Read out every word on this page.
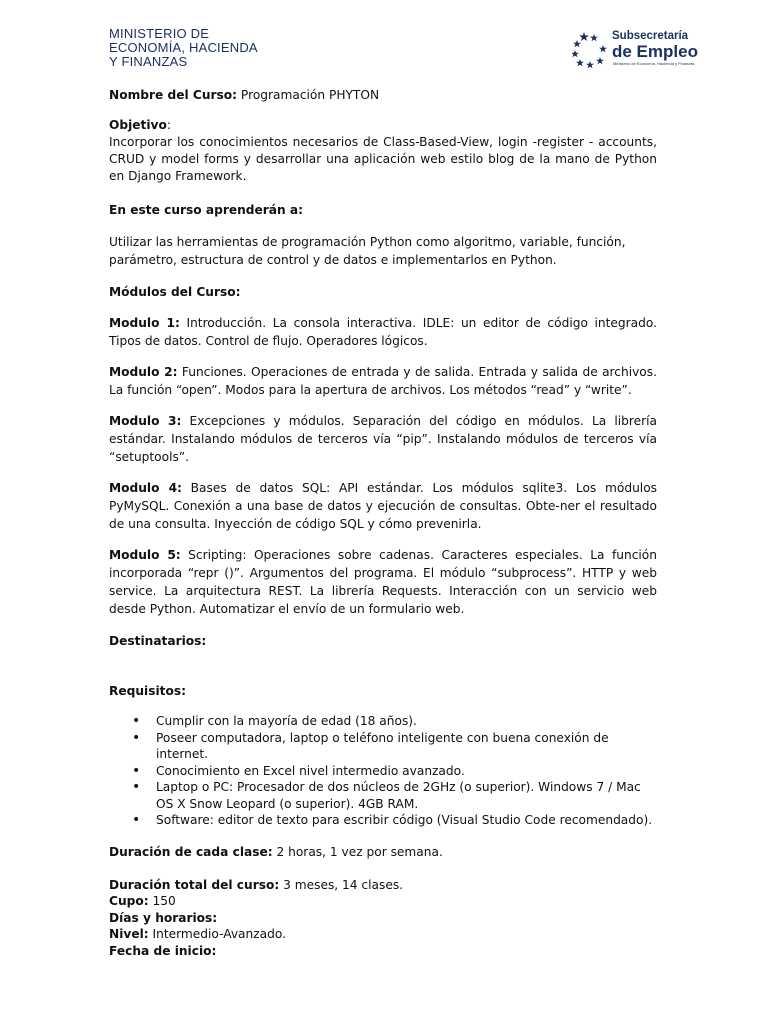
MINISTERIO DE
ECONOMÍA, HACIENDA
Y FINANZAS
Subsecretaría
de Empleo
Ministerio de Economía, Hacienda y Finanzas

Nombre del Curso: Programación PHYTON

Objetivo:

Incorporar los conocimientos necesarios de Class-Based-View, login -register - accounts, CRUD y model forms y desarrollar una aplicación web estilo blog de la mano de Python en Django Framework.

En este curso aprenderán a:

Utilizar las herramientas de programación Python como algoritmo, variable, función, parámetro, estructura de control y de datos e implementarlos en Python.

Módulos del Curso:

Modulo 1: Introducción. La consola interactiva. IDLE: un editor de código integrado. Tipos de datos. Control de flujo. Operadores lógicos.

Modulo 2: Funciones. Operaciones de entrada y de salida. Entrada y salida de archivos. La función “open”. Modos para la apertura de archivos. Los métodos “read” y “write”.

Modulo 3: Excepciones y módulos. Separación del código en módulos. La librería estándar. Instalando módulos de terceros vía “pip”. Instalando módulos de terceros vía “setuptools”.

Modulo 4: Bases de datos SQL: API estándar. Los módulos sqlite3. Los módulos PyMySQL. Conexión a una base de datos y ejecución de consultas. Obte-ner el resultado de una consulta. Inyección de código SQL y cómo prevenirla.

Modulo 5: Scripting: Operaciones sobre cadenas. Caracteres especiales. La función incorporada “repr ()”. Argumentos del programa. El módulo “subprocess”. HTTP y web service. La arquitectura REST. La librería Requests. Interacción con un servicio web desde Python. Automatizar el envío de un formulario web.

Destinatarios:

Requisitos:

• Cumplir con la mayoría de edad (18 años).
• Poseer computadora, laptop o teléfono inteligente con buena conexión de internet.
• Conocimiento en Excel nivel intermedio avanzado.
• Laptop o PC: Procesador de dos núcleos de 2GHz (o superior). Windows 7 / Mac OS X Snow Leopard (o superior). 4GB RAM.
• Software: editor de texto para escribir código (Visual Studio Code recomendado).

Duración de cada clase: 2 horas, 1 vez por semana.

Duración total del curso: 3 meses, 14 clases.

Cupo: 150

Días y horarios:

Nivel: Intermedio-Avanzado.

Fecha de inicio:
